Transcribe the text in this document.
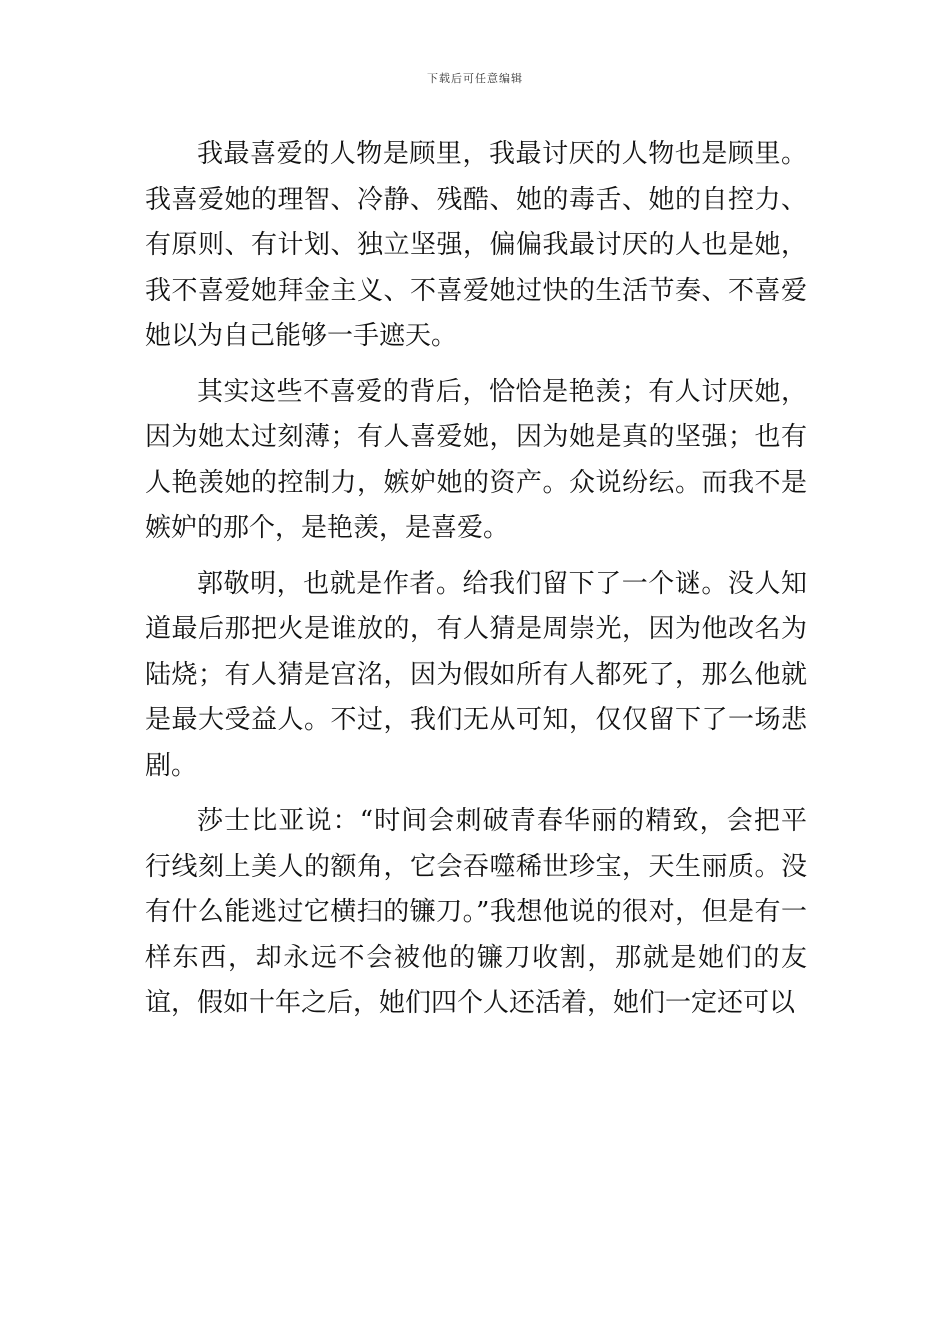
下载后可任意编辑

我最喜爱的人物是顾里，我最讨厌的人物也是顾里。我喜爱她的理智、冷静、残酷、她的毒舌、她的自控力、有原则、有计划、独立坚强，偏偏我最讨厌的人也是她，我不喜爱她拜金主义、不喜爱她过快的生活节奏、不喜爱她以为自己能够一手遮天。

其实这些不喜爱的背后，恰恰是艳羡；有人讨厌她，因为她太过刻薄；有人喜爱她，因为她是真的坚强；也有人艳羡她的控制力，嫉妒她的资产。众说纷纭。而我不是嫉妒的那个，是艳羡，是喜爱。

郭敬明，也就是作者。给我们留下了一个谜。没人知道最后那把火是谁放的，有人猜是周崇光，因为他改名为陆烧；有人猜是宫洺，因为假如所有人都死了，那么他就是最大受益人。不过，我们无从可知，仅仅留下了一场悲剧。

莎士比亚说：“时间会刺破青春华丽的精致，会把平行线刻上美人的额角，它会吞噬稀世珍宝，天生丽质。没有什么能逃过它横扫的镰刀。”我想他说的很对，但是有一样东西，却永远不会被他的镰刀收割，那就是她们的友谊，假如十年之后，她们四个人还活着，她们一定还可以
